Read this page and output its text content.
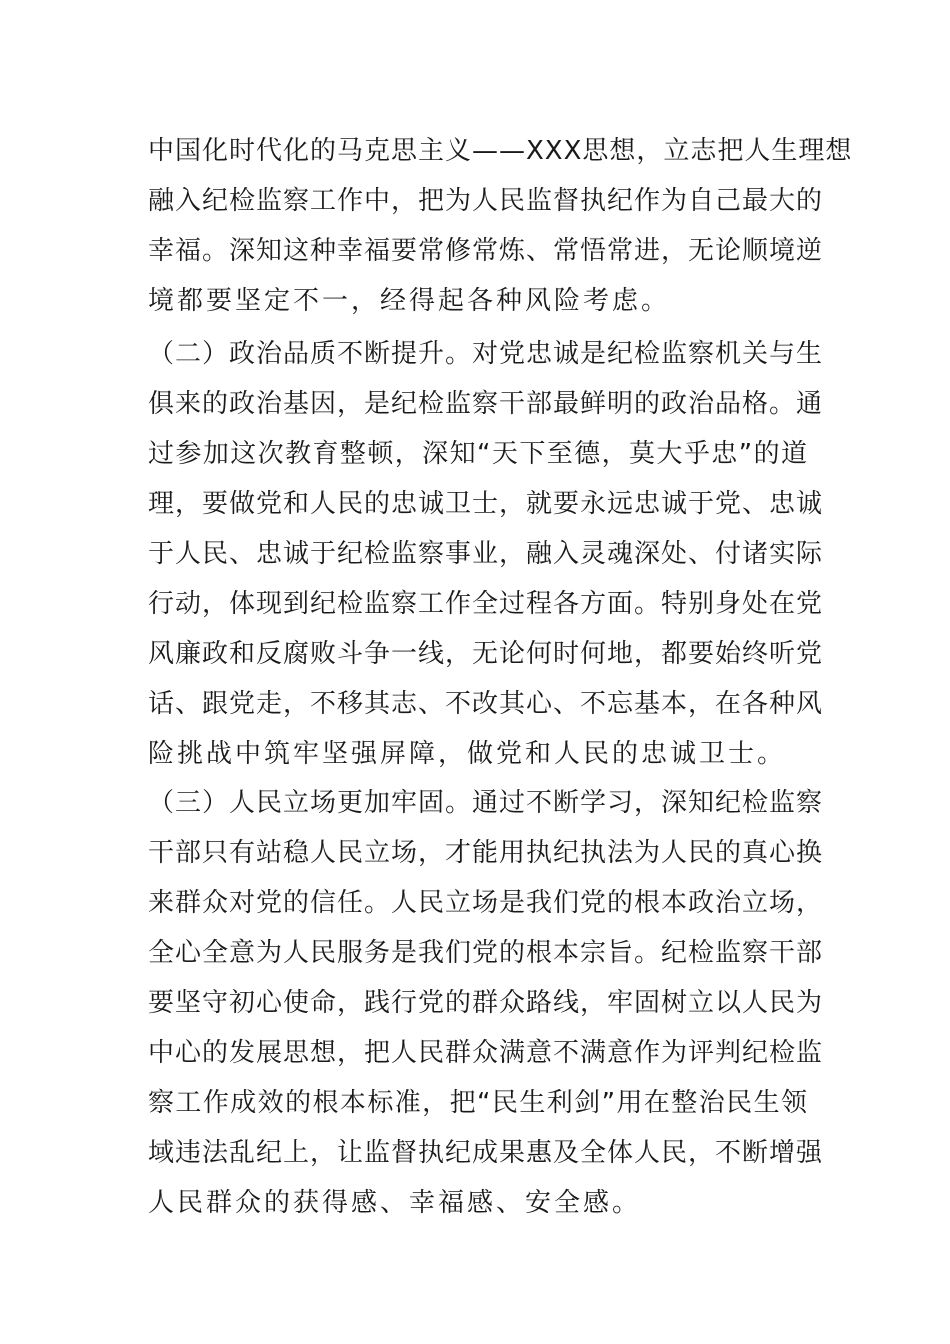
中国化时代化的马克思主义——XXX思想，立志把人生理想
融入纪检监察工作中，把为人民监督执纪作为自己最大的
幸福。深知这种幸福要常修常炼、常悟常进，无论顺境逆
境都要坚定不一，经得起各种风险考虑。
（二）政治品质不断提升。对党忠诚是纪检监察机关与生
俱来的政治基因，是纪检监察干部最鲜明的政治品格。通
过参加这次教育整顿，深知“天下至德，莫大乎忠”的道
理，要做党和人民的忠诚卫士，就要永远忠诚于党、忠诚
于人民、忠诚于纪检监察事业，融入灵魂深处、付诸实际
行动，体现到纪检监察工作全过程各方面。特别身处在党
风廉政和反腐败斗争一线，无论何时何地，都要始终听党
话、跟党走，不移其志、不改其心、不忘基本，在各种风
险挑战中筑牢坚强屏障，做党和人民的忠诚卫士。
（三）人民立场更加牢固。通过不断学习，深知纪检监察
干部只有站稳人民立场，才能用执纪执法为人民的真心换
来群众对党的信任。人民立场是我们党的根本政治立场，
全心全意为人民服务是我们党的根本宗旨。纪检监察干部
要坚守初心使命，践行党的群众路线，牢固树立以人民为
中心的发展思想，把人民群众满意不满意作为评判纪检监
察工作成效的根本标准，把“民生利剑”用在整治民生领
域违法乱纪上，让监督执纪成果惠及全体人民，不断增强
人民群众的获得感、幸福感、安全感。
